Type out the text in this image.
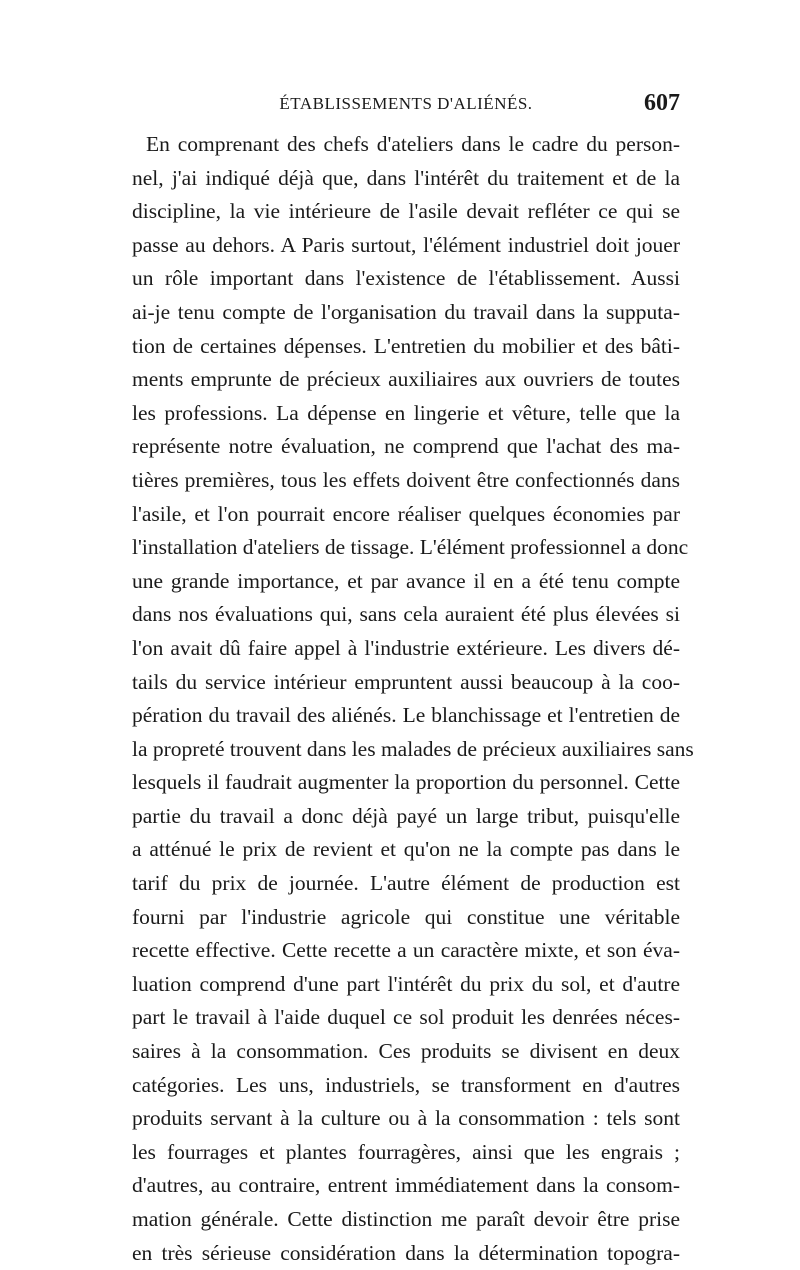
ÉTABLISSEMENTS D'ALIÉNÉS.	607
En comprenant des chefs d'ateliers dans le cadre du person-
nel, j'ai indiqué déjà que, dans l'intérêt du traitement et de la
discipline, la vie intérieure de l'asile devait refléter ce qui se
passe au dehors. A Paris surtout, l'élément industriel doit jouer
un rôle important dans l'existence de l'établissement. Aussi
ai-je tenu compte de l'organisation du travail dans la supputa-
tion de certaines dépenses. L'entretien du mobilier et des bâti-
ments emprunte de précieux auxiliaires aux ouvriers de toutes
les professions. La dépense en lingerie et vêture, telle que la
représente notre évaluation, ne comprend que l'achat des ma-
tières premières, tous les effets doivent être confectionnés dans
l'asile, et l'on pourrait encore réaliser quelques économies par
l'installation d'ateliers de tissage. L'élément professionnel a donc
une grande importance, et par avance il en a été tenu compte
dans nos évaluations qui, sans cela auraient été plus élevées si
l'on avait dû faire appel à l'industrie extérieure. Les divers dé-
tails du service intérieur empruntent aussi beaucoup à la coo-
pération du travail des aliénés. Le blanchissage et l'entretien de
la propreté trouvent dans les malades de précieux auxiliaires sans
lesquels il faudrait augmenter la proportion du personnel. Cette
partie du travail a donc déjà payé un large tribut, puisqu'elle
a atténué le prix de revient et qu'on ne la compte pas dans le
tarif du prix de journée. L'autre élément de production est
fourni par l'industrie agricole qui constitue une véritable
recette effective. Cette recette a un caractère mixte, et son éva-
luation comprend d'une part l'intérêt du prix du sol, et d'autre
part le travail à l'aide duquel ce sol produit les denrées néces-
saires à la consommation. Ces produits se divisent en deux
catégories. Les uns, industriels, se transforment en d'autres
produits servant à la culture ou à la consommation : tels sont
les fourrages et plantes fourragères, ainsi que les engrais ;
d'autres, au contraire, entrent immédiatement dans la consom-
mation générale. Cette distinction me paraît devoir être prise
en très sérieuse considération dans la détermination topogra-
